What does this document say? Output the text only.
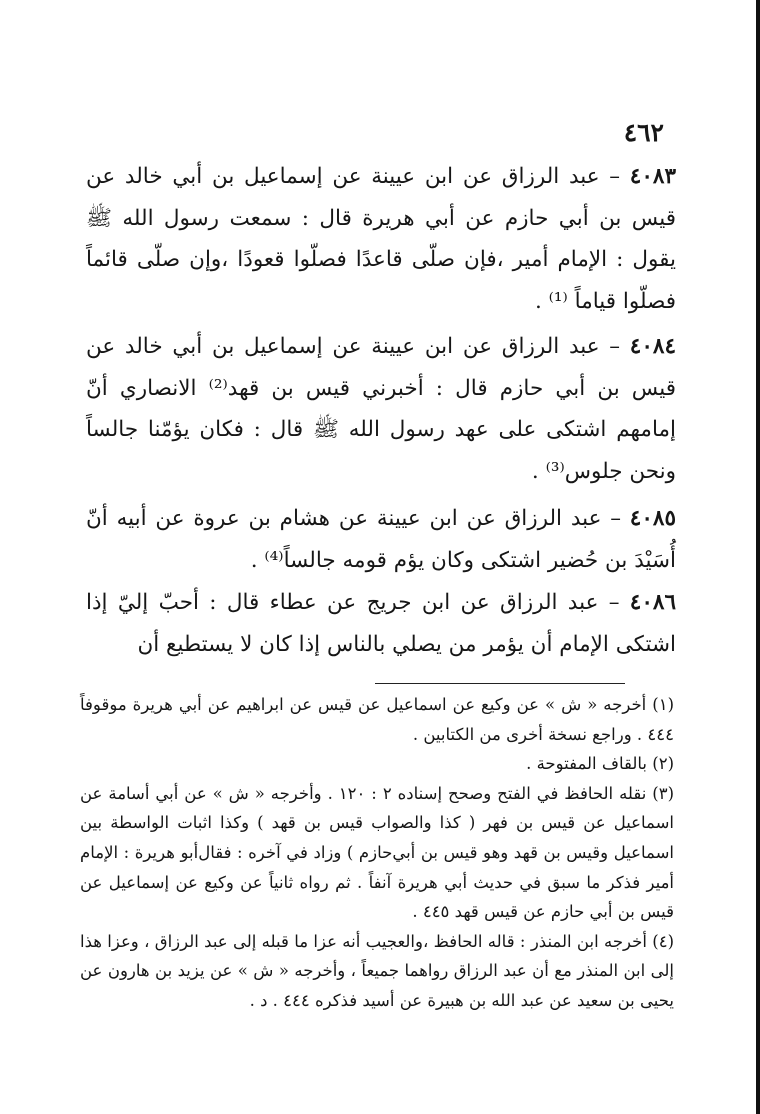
٤٦٢
٤٠٨٣ – عبد الرزاق عن ابن عيينة عن إسماعيل بن أبي خالد عن قيس بن أبي حازم عن أبي هريرة قال : سمعت رسول الله ﷺ يقول : الإمام أمير ،فإن صلّى قاعدًا فصلّوا قعودًا ،وإن صلّى قائماً فصلّوا قياماً ⁽¹⁾ .
٤٠٨٤ – عبد الرزاق عن ابن عيينة عن إسماعيل بن أبي خالد عن قيس بن أبي حازم قال : أخبرني قيس بن قهد⁽²⁾ الانصاري أنّ إمامهم اشتكى على عهد رسول الله ﷺ قال : فكان يؤمّنا جالساً ونحن جلوس⁽³⁾ .
٤٠٨٥ – عبد الرزاق عن ابن عيينة عن هشام بن عروة عن أبيه أنّ أُسَيْدَ بن حُضير اشتكى وكان يؤم قومه جالساً⁽⁴⁾ .
٤٠٨٦ – عبد الرزاق عن ابن جريج عن عطاء قال : أحبّ إليّ إذا اشتكى الإمام أن يؤمر من يصلي بالناس إذا كان لا يستطيع أن

(١) أخرجه « ش » عن وكيع عن اسماعيل عن قيس عن ابراهيم عن أبي هريرة موقوفاً ٤٤٤ . وراجع نسخة أخرى من الكتابين .

(٢) بالقاف المفتوحة .

(٣) نقله الحافظ في الفتح وصحح إسناده ٢ : ١٢٠ . وأخرجه « ش » عن أبي أسامة عن اسماعيل عن قيس بن فهر ( كذا والصواب قيس بن قهد ) وكذا اثبات الواسطة بين اسماعيل وقيس بن قهد وهو قيس بن أبي‌حازم ) وزاد في آخره : فقال‌أبو هريرة : الإمام أمير فذكر ما سبق في حديث أبي هريرة آنفاً . ثم رواه ثانياً عن وكيع عن إسماعيل عن قيس بن أبي حازم عن قيس قهد ٤٤٥ .

(٤) أخرجه ابن المنذر : قاله الحافظ ،والعجيب أنه عزا ما قبله إلى عبد الرزاق ، وعزا هذا إلى ابن المنذر مع أن عبد الرزاق رواهما جميعاً ، وأخرجه « ش » عن يزيد بن هارون عن يحيى بن سعيد عن عبد الله بن هبيرة عن أسيد فذكره ٤٤٤ . د .
